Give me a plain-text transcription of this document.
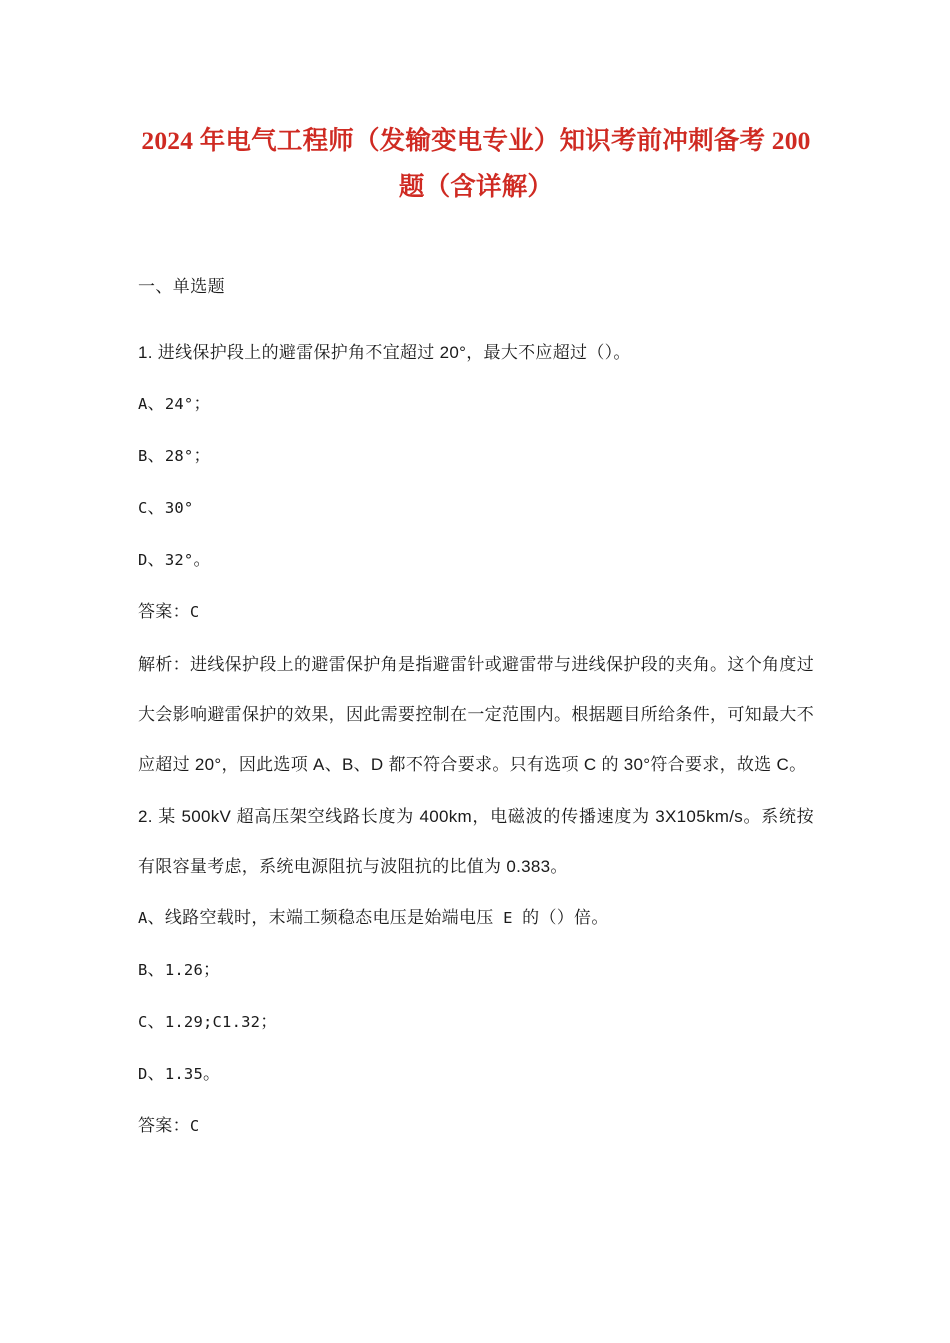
2024 年电气工程师（发输变电专业）知识考前冲刺备考 200
题（含详解）
一、单选题

1. 进线保护段上的避雷保护角不宜超过 20°，最大不应超过（）。

A、24°；

B、28°；

C、30°

D、32°。

答案：C

解析：进线保护段上的避雷保护角是指避雷针或避雷带与进线保护段的夹角。这个角度过大会影响避雷保护的效果，因此需要控制在一定范围内。根据题目所给条件，可知最大不应超过 20°，因此选项 A、B、D 都不符合要求。只有选项 C 的 30°符合要求，故选 C。

2. 某 500kV 超高压架空线路长度为 400km，电磁波的传播速度为 3X105km/s。系统按有限容量考虑，系统电源阻抗与波阻抗的比值为 0.383。

A、线路空载时，末端工频稳态电压是始端电压 E 的（）倍。

B、1.26；

C、1.29;C1.32；

D、1.35。

答案：C
